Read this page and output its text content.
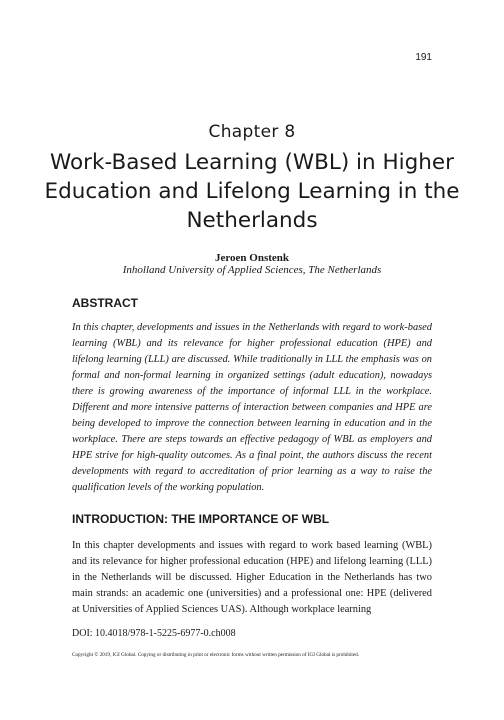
191

Chapter 8

Work-Based Learning (WBL) in Higher Education and Lifelong Learning in the Netherlands

Jeroen Onstenk

Inholland University of Applied Sciences, The Netherlands

ABSTRACT

In this chapter, developments and issues in the Netherlands with regard to work-based learning (WBL) and its relevance for higher professional education (HPE) and lifelong learning (LLL) are discussed. While traditionally in LLL the emphasis was on formal and non-formal learning in organized settings (adult education), nowadays there is growing awareness of the importance of informal LLL in the workplace. Different and more intensive patterns of interaction between companies and HPE are being developed to improve the connection between learning in education and in the workplace. There are steps towards an effective pedagogy of WBL as employers and HPE strive for high-quality outcomes. As a final point, the authors discuss the recent developments with regard to accreditation of prior learning as a way to raise the qualification levels of the working population.

INTRODUCTION: THE IMPORTANCE OF WBL

In this chapter developments and issues with regard to work based learning (WBL) and its relevance for higher professional education (HPE) and lifelong learning (LLL) in the Netherlands will be discussed. Higher Education in the Netherlands has two main strands: an academic one (universities) and a professional one: HPE (delivered at Universities of Applied Sciences UAS). Although workplace learning

DOI: 10.4018/978-1-5225-6977-0.ch008

Copyright © 2019, IGI Global. Copying or distributing in print or electronic forms without written permission of IGI Global is prohibited.
